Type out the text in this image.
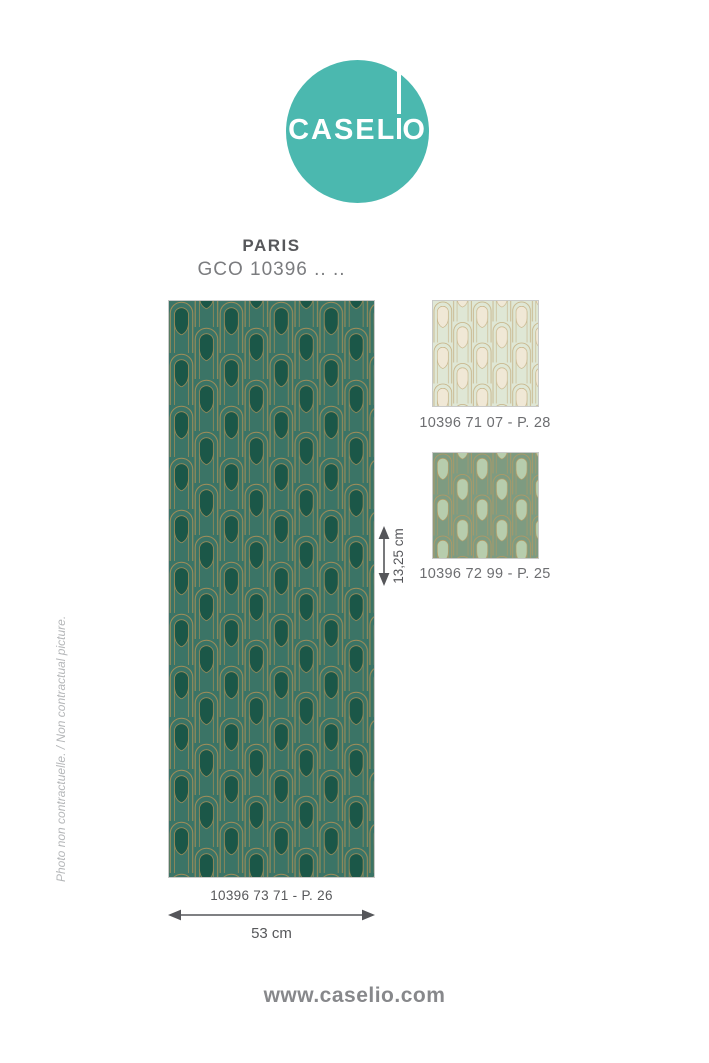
CASEL O
PARIS
GCO 10396 .. ..
13,25 cm
10396 71 07 - P. 28
10396 72 99 - P. 25
10396 73 71 - P. 26
53 cm
Photo non contractuelle. / Non contractual picture.
www.caselio.com
